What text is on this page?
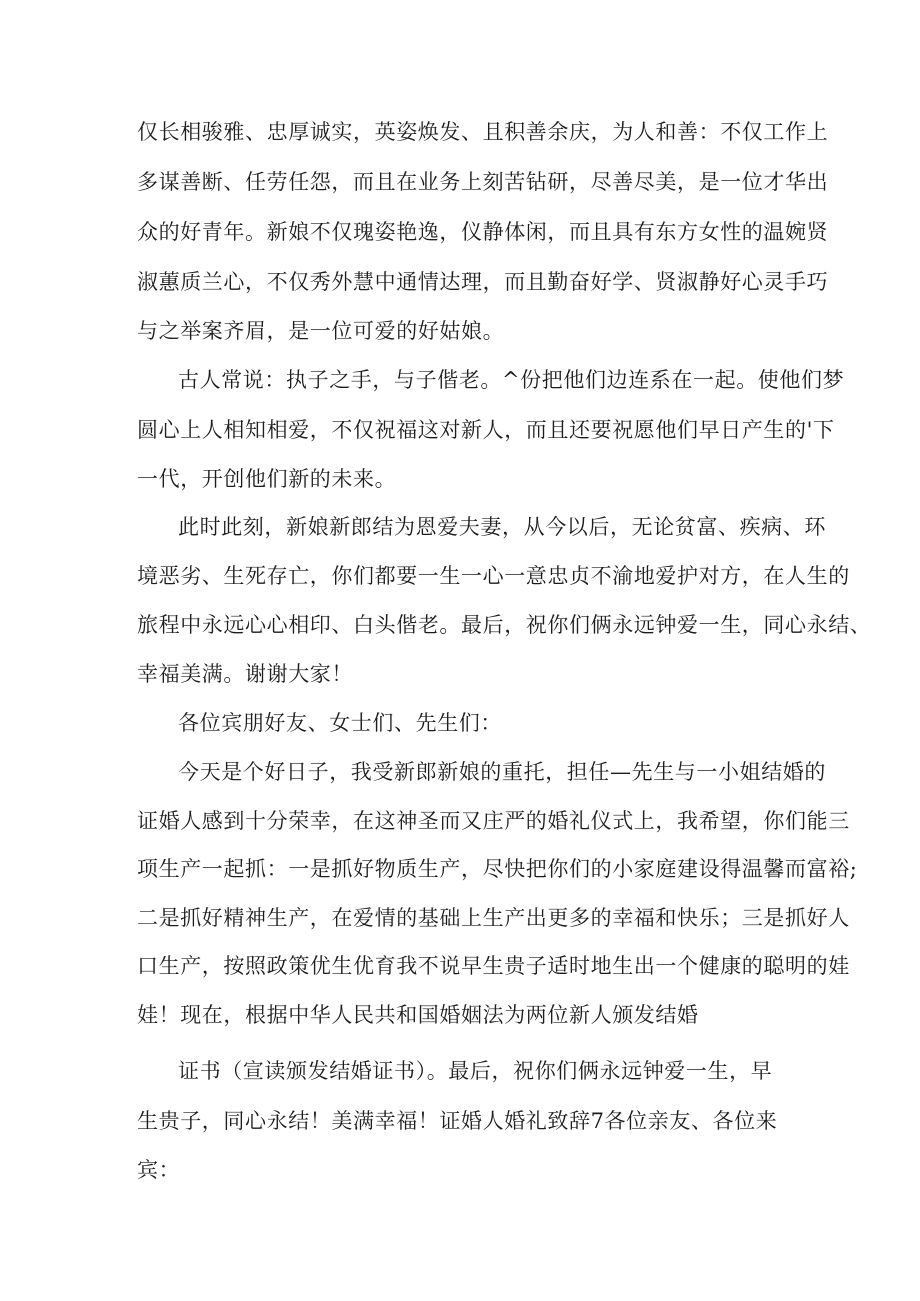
仅长相骏雅、忠厚诚实，英姿焕发、且积善余庆，为人和善：不仅工作上
多谋善断、任劳任怨，而且在业务上刻苦钻研，尽善尽美，是一位才华出
众的好青年。新娘不仅瑰姿艳逸，仪静体闲，而且具有东方女性的温婉贤
淑蕙质兰心，不仅秀外慧中通情达理，而且勤奋好学、贤淑静好心灵手巧
与之举案齐眉，是一位可爱的好姑娘。
古人常说：执子之手，与子偕老。^份把他们边连系在一起。使他们梦
圆心上人相知相爱，不仅祝福这对新人，而且还要祝愿他们早日产生的'下
一代，开创他们新的未来。
此时此刻，新娘新郎结为恩爱夫妻，从今以后，无论贫富、疾病、环
境恶劣、生死存亡，你们都要一生一心一意忠贞不渝地爱护对方，在人生的
旅程中永远心心相印、白头偕老。最后，祝你们俩永远钟爱一生，同心永结、
幸福美满。谢谢大家！
各位宾朋好友、女士们、先生们：
今天是个好日子，我受新郎新娘的重托，担任—先生与一小姐结婚的
证婚人感到十分荣幸，在这神圣而又庄严的婚礼仪式上，我希望，你们能三
项生产一起抓：一是抓好物质生产，尽快把你们的小家庭建设得温馨而富裕;
二是抓好精神生产，在爱情的基础上生产出更多的幸福和快乐；三是抓好人
口生产，按照政策优生优育我不说早生贵子适时地生出一个健康的聪明的娃
娃！现在，根据中华人民共和国婚姻法为两位新人颁发结婚
证书（宣读颁发结婚证书）。最后，祝你们俩永远钟爱一生，早
生贵子，同心永结！美满幸福！证婚人婚礼致辞7各位亲友、各位来
宾：
